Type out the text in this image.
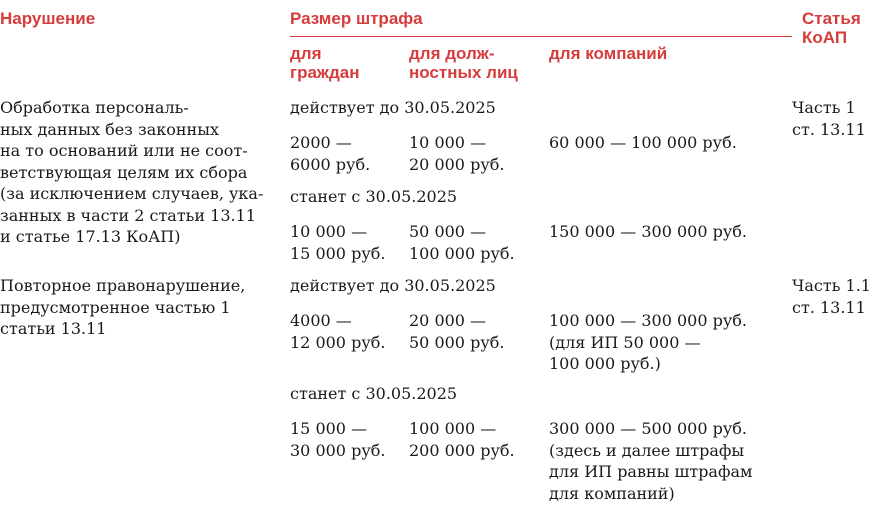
Нарушение	Размер штрафа	Статья
КоАП
для
граждан
для долж-
ностных лиц
для компаний
Обработка персональ-
ных данных без законных
на то оснований или не соот-
ветствующая целям их сбора
(за исключением случаев, ука-
занных в части 2 статьи 13.11
и статье 17.13 КоАП)
Часть 1
ст. 13.11
действует до 30.05.2025
2000 —
6000 руб.
10 000 —
20 000 руб.
60 000 — 100 000 руб.
станет с 30.05.2025
10 000 —
15 000 руб.
50 000 —
100 000 руб.
150 000 — 300 000 руб.
Повторное правонарушение,
предусмотренное частью 1
статьи 13.11
Часть 1.1
ст. 13.11
действует до 30.05.2025
4000 —
12 000 руб.
20 000 —
50 000 руб.
100 000 — 300 000 руб.
(для ИП 50 000 —
100 000 руб.)
станет с 30.05.2025
15 000 —
30 000 руб.
100 000 —
200 000 руб.
300 000 — 500 000 руб.
(здесь и далее штрафы
для ИП равны штрафам
для компаний)
